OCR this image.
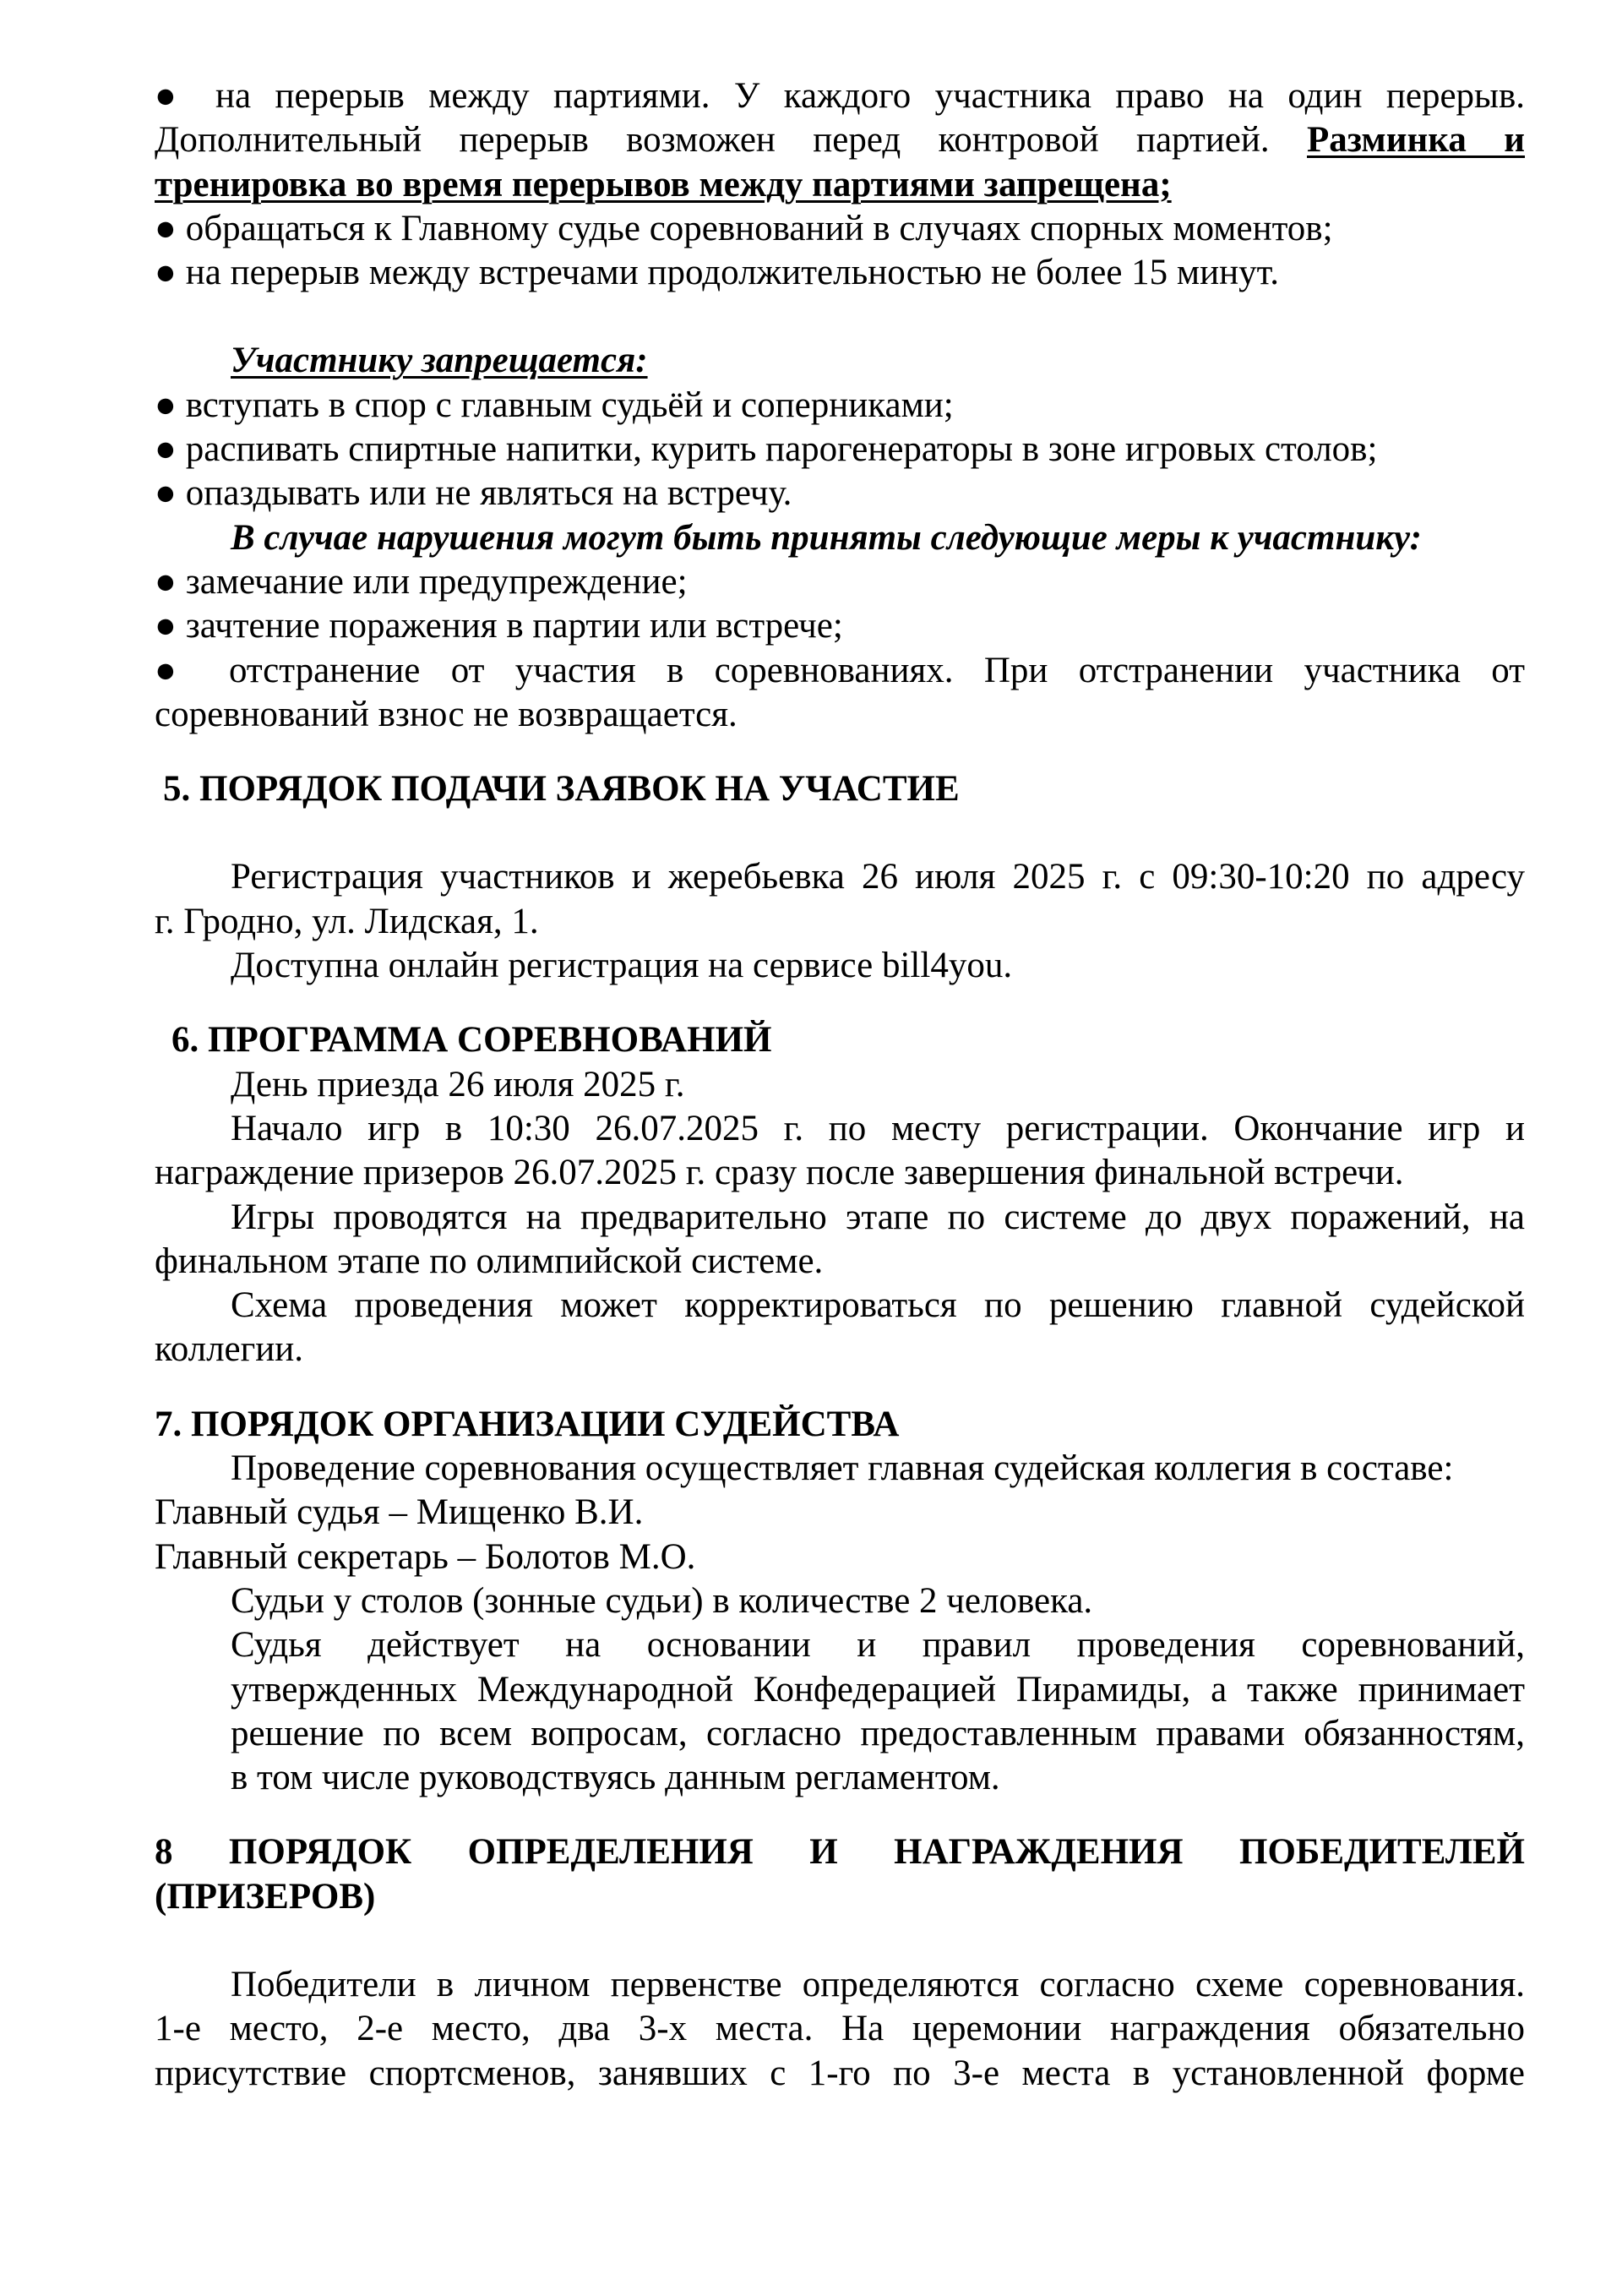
● на перерыв между партиями. У каждого участника право на один перерыв.

Дополнительный перерыв возможен перед контровой партией. Разминка и

тренировка во время перерывов между партиями запрещена;

● обращаться к Главному судье соревнований в случаях спорных моментов;

● на перерыв между встречами продолжительностью не более 15 минут.

Участнику запрещается:

● вступать в спор с главным судьёй и соперниками;

● распивать спиртные напитки, курить парогенераторы в зоне игровых столов;

● опаздывать или не являться на встречу.

В случае нарушения могут быть приняты следующие меры к участнику:

● замечание или предупреждение;

● зачтение поражения в партии или встрече;

● отстранение от участия в соревнованиях. При отстранении участника от

соревнований взнос не возвращается.

5. ПОРЯДОК ПОДАЧИ ЗАЯВОК НА УЧАСТИЕ

Регистрация участников и жеребьевка 26 июля 2025 г. с 09:30-10:20 по адресу

г. Гродно, ул. Лидская, 1.

Доступна онлайн регистрация на сервисе bill4you.

6. ПРОГРАММА СОРЕВНОВАНИЙ

День приезда 26 июля 2025 г.

Начало игр в 10:30 26.07.2025 г. по месту регистрации. Окончание игр и

награждение призеров 26.07.2025 г. сразу после завершения финальной встречи.

Игры проводятся на предварительно этапе по системе до двух поражений, на

финальном этапе по олимпийской системе.

Схема проведения может корректироваться по решению главной судейской

коллегии.

7. ПОРЯДОК ОРГАНИЗАЦИИ СУДЕЙСТВА

Проведение соревнования осуществляет главная судейская коллегия в составе:

Главный судья – Мищенко В.И.

Главный секретарь – Болотов М.О.

Судьи у столов (зонные судьи) в количестве 2 человека.

Судья действует на основании и правил проведения соревнований,

утвержденных Международной Конфедерацией Пирамиды, а также принимает

решение по всем вопросам, согласно предоставленным правами обязанностям,

в том числе руководствуясь данным регламентом.

8 ПОРЯДОК ОПРЕДЕЛЕНИЯ И НАГРАЖДЕНИЯ ПОБЕДИТЕЛЕЙ

(ПРИЗЕРОВ)

Победители в личном первенстве определяются согласно схеме соревнования.

1-е место, 2-е место, два 3-х места. На церемонии награждения обязательно

присутствие спортсменов, занявших с 1-го по 3-е места в установленной форме
